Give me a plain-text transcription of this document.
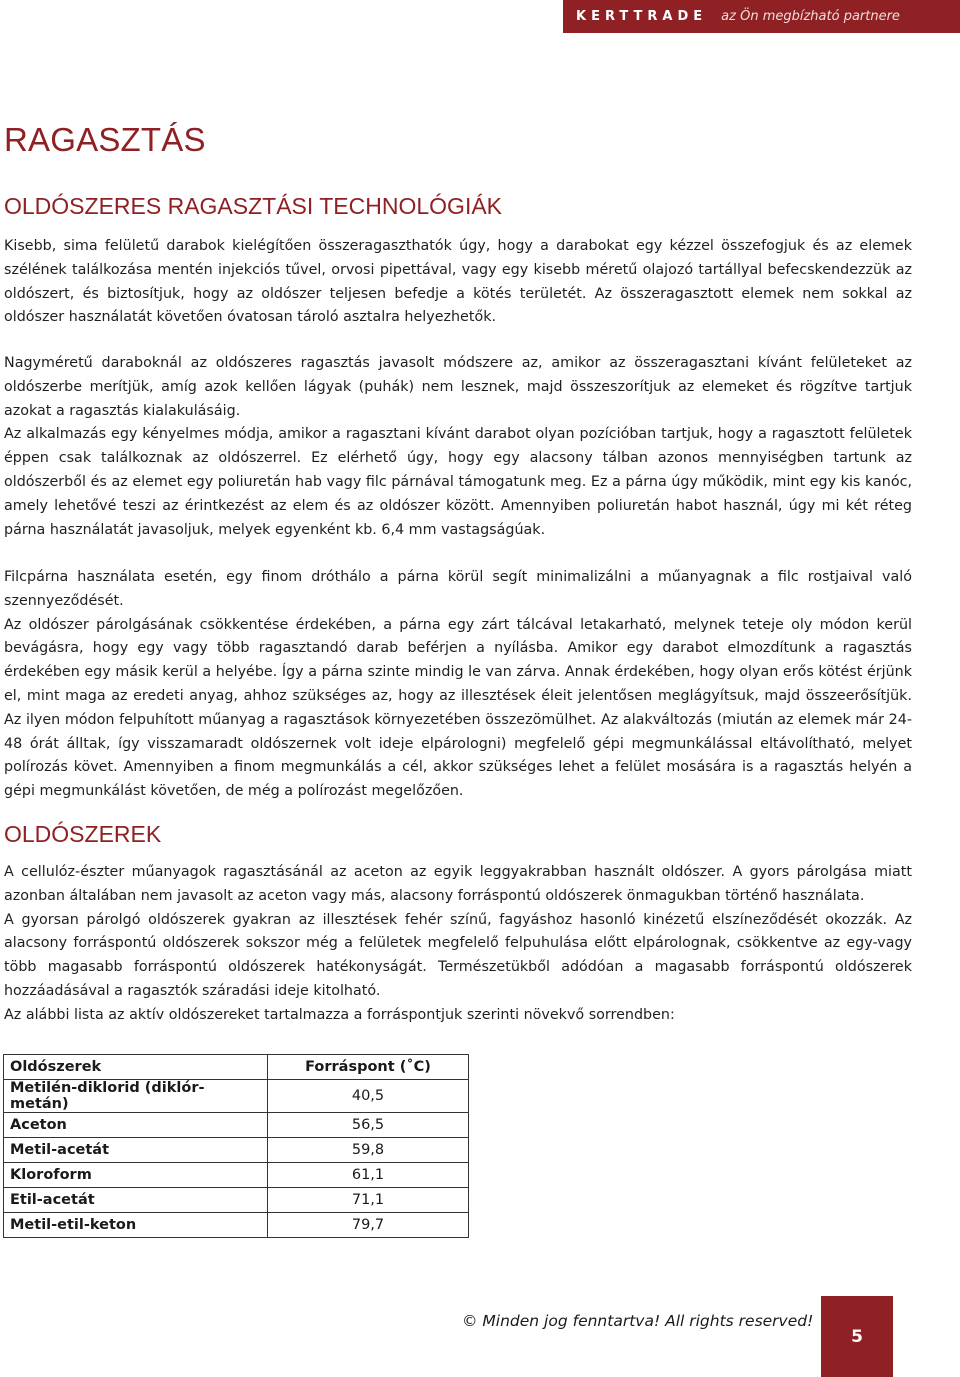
KERTTRADE az Ön megbízható partnere
RAGASZTÁS
OLDÓSZERES RAGASZTÁSI TECHNOLÓGIÁK

Kisebb, sima felületű darabok kielégítően összeragaszthatók úgy, hogy a darabokat egy kézzel összefogjuk és az elemek szélének találkozása mentén injekciós tűvel, orvosi pipettával, vagy egy kisebb méretű olajozó tartállyal befecskendezzük az oldószert, és biztosítjuk, hogy az oldószer teljesen befedje a kötés területét. Az összeragasztott elemek nem sokkal az oldószer használatát követően óvatosan tároló asztalra helyezhetők.

Nagyméretű daraboknál az oldószeres ragasztás javasolt módszere az, amikor az összeragasztani kívánt felületeket az oldószerbe merítjük, amíg azok kellően lágyak (puhák) nem lesznek, majd összeszorítjuk az elemeket és rögzítve tartjuk azokat a ragasztás kialakulásáig.
Az alkalmazás egy kényelmes módja, amikor a ragasztani kívánt darabot olyan pozícióban tartjuk, hogy a ragasztott felületek éppen csak találkoznak az oldószerrel. Ez elérhető úgy, hogy egy alacsony tálban azonos mennyiségben tartunk az oldószerből és az elemet egy poliuretán hab vagy filc párnával támogatunk meg. Ez a párna úgy működik, mint egy kis kanóc, amely lehetővé teszi az érintkezést az elem és az oldószer között. Amennyiben poliuretán habot használ, úgy mi két réteg párna használatát javasoljuk, melyek egyenként kb. 6,4 mm vastagságúak.

Filcpárna használata esetén, egy finom dróthálo a párna körül segít minimalizálni a műanyagnak a filc rostjaival való szennyeződését.
Az oldószer párolgásának csökkentése érdekében, a párna egy zárt tálcával letakarható, melynek teteje oly módon kerül bevágásra, hogy egy vagy több ragasztandó darab beférjen a nyílásba. Amikor egy darabot elmozdítunk a ragasztás érdekében egy másik kerül a helyébe. Így a párna szinte mindig le van zárva. Annak érdekében, hogy olyan erős kötést érjünk el, mint maga az eredeti anyag, ahhoz szükséges az, hogy az illesztések éleit jelentősen meglágyítsuk, majd összeerősítjük. Az ilyen módon felpuhított műanyag a ragasztások környezetében összezömülhet. Az alakváltozás (miután az elemek már 24-48 órát álltak, így visszamaradt oldószernek volt ideje elpárologni) megfelelő gépi megmunkálással eltávolítható, melyet polírozás követ. Amennyiben a finom megmunkálás a cél, akkor szükséges lehet a felület mosására is a ragasztás helyén a gépi megmunkálást követően, de még a polírozást megelőzően.

OLDÓSZEREK

A cellulóz-észter műanyagok ragasztásánál az aceton az egyik leggyakrabban használt oldószer. A gyors párolgása miatt azonban általában nem javasolt az aceton vagy más, alacsony forráspontú oldószerek önmagukban történő használata.
A gyorsan párolgó oldószerek gyakran az illesztések fehér színű, fagyáshoz hasonló kinézetű elszíneződését okozzák. Az alacsony forráspontú oldószerek sokszor még a felületek megfelelő felpuhulása előtt elpárolognak, csökkentve az egy-vagy több magasabb forráspontú oldószerek hatékonyságát. Természetükből adódóan a magasabb forráspontú oldószerek hozzáadásával a ragasztók száradási ideje kitolható.
Az alábbi lista az aktív oldószereket tartalmazza a forráspontjuk szerinti növekvő sorrendben:

Oldószerek	Forráspont (˚C)
Metilén-diklorid (diklór-metán)	40,5
Aceton	56,5
Metil-acetát	59,8
Kloroform	61,1
Etil-acetát	71,1
Metil-etil-keton	79,7
© Minden jog fenntartva! All rights reserved!
5
